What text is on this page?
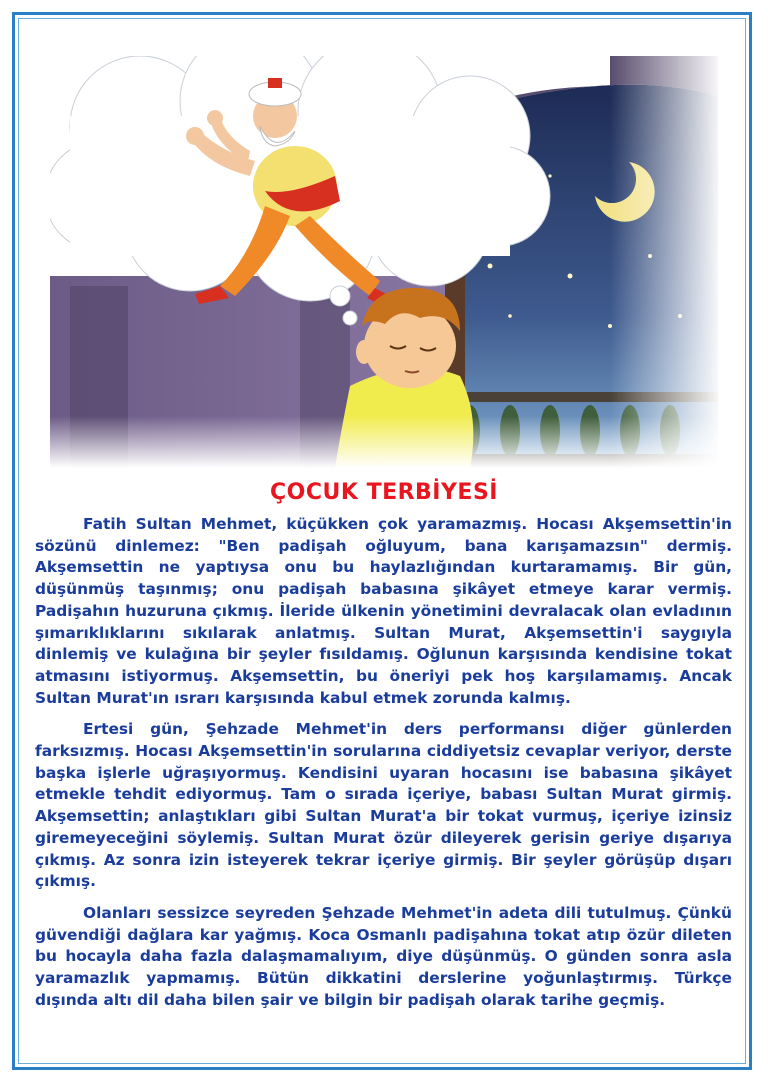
ÇOCUK TERBİYESİ

Fatih Sultan Mehmet, küçükken çok yaramazmış. Hocası Akşemsettin'in sözünü dinlemez: "Ben padişah oğluyum, bana karışamazsın" dermiş. Akşemsettin ne yaptıysa onu bu haylazlığından kurtaramamış. Bir gün, düşünmüş taşınmış; onu padişah babasına şikâyet etmeye karar vermiş. Padişahın huzuruna çıkmış. İleride ülkenin yönetimini devralacak olan evladının şımarıklıklarını sıkılarak anlatmış. Sultan Murat, Akşemsettin'i saygıyla dinlemiş ve kulağına bir şeyler fısıldamış. Oğlunun karşısında kendisine tokat atmasını istiyormuş. Akşemsettin, bu öneriyi pek hoş karşılamamış. Ancak Sultan Murat'ın ısrarı karşısında kabul etmek zorunda kalmış.

Ertesi gün, Şehzade Mehmet'in ders performansı diğer günlerden farksızmış. Hocası Akşemsettin'in sorularına ciddiyetsiz cevaplar veriyor, derste başka işlerle uğraşıyormuş. Kendisini uyaran hocasını ise babasına şikâyet etmekle tehdit ediyormuş. Tam o sırada içeriye, babası Sultan Murat girmiş. Akşemsettin; anlaştıkları gibi Sultan Murat'a bir tokat vurmuş, içeriye izinsiz giremeyeceğini söylemiş. Sultan Murat özür dileyerek gerisin geriye dışarıya çıkmış. Az sonra izin isteyerek tekrar içeriye girmiş. Bir şeyler görüşüp dışarı çıkmış.

Olanları sessizce seyreden Şehzade Mehmet'in adeta dili tutulmuş. Çünkü güvendiği dağlara kar yağmış. Koca Osmanlı padişahına tokat atıp özür dileten bu hocayla daha fazla dalaşmamalıyım, diye düşünmüş. O günden sonra asla yaramazlık yapmamış. Bütün dikkatini derslerine yoğunlaştırmış. Türkçe dışında altı dil daha bilen şair ve bilgin bir padişah olarak tarihe geçmiş.
